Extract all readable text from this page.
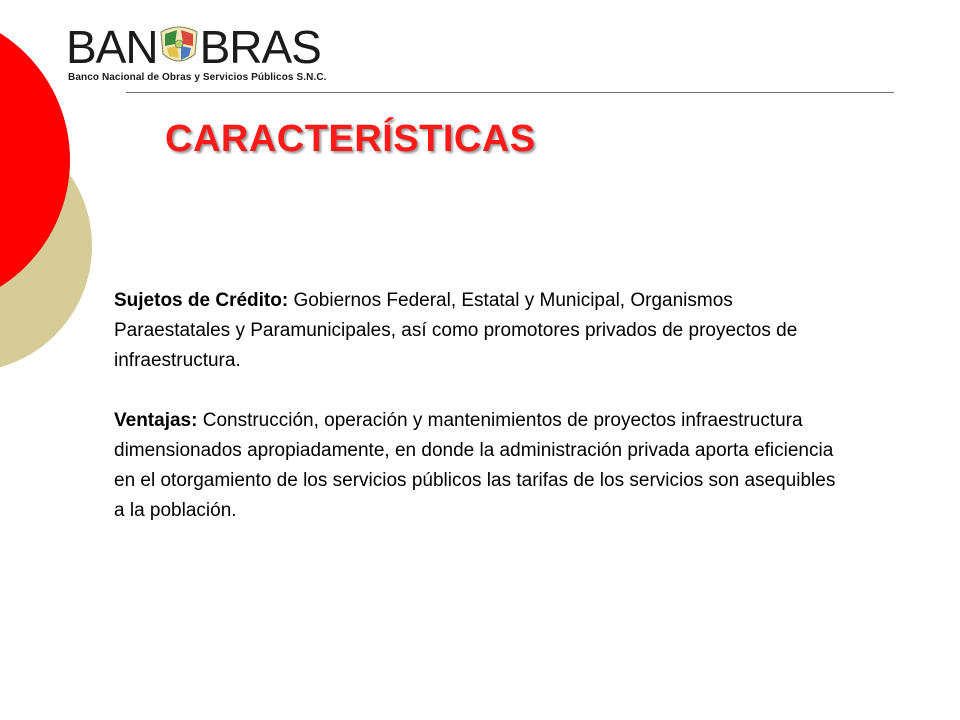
BAN BRAS
Banco Nacional de Obras y Servicios Públicos S.N.C.
CARACTERÍSTICAS

Sujetos de Crédito: Gobiernos Federal, Estatal y Municipal, Organismos Paraestatales y Paramunicipales, así como promotores privados de proyectos de infraestructura.

Ventajas: Construcción, operación y mantenimientos de proyectos infraestructura dimensionados apropiadamente, en donde la administración privada aporta eficiencia en el otorgamiento de los servicios públicos las tarifas de los servicios son asequibles a la población.
